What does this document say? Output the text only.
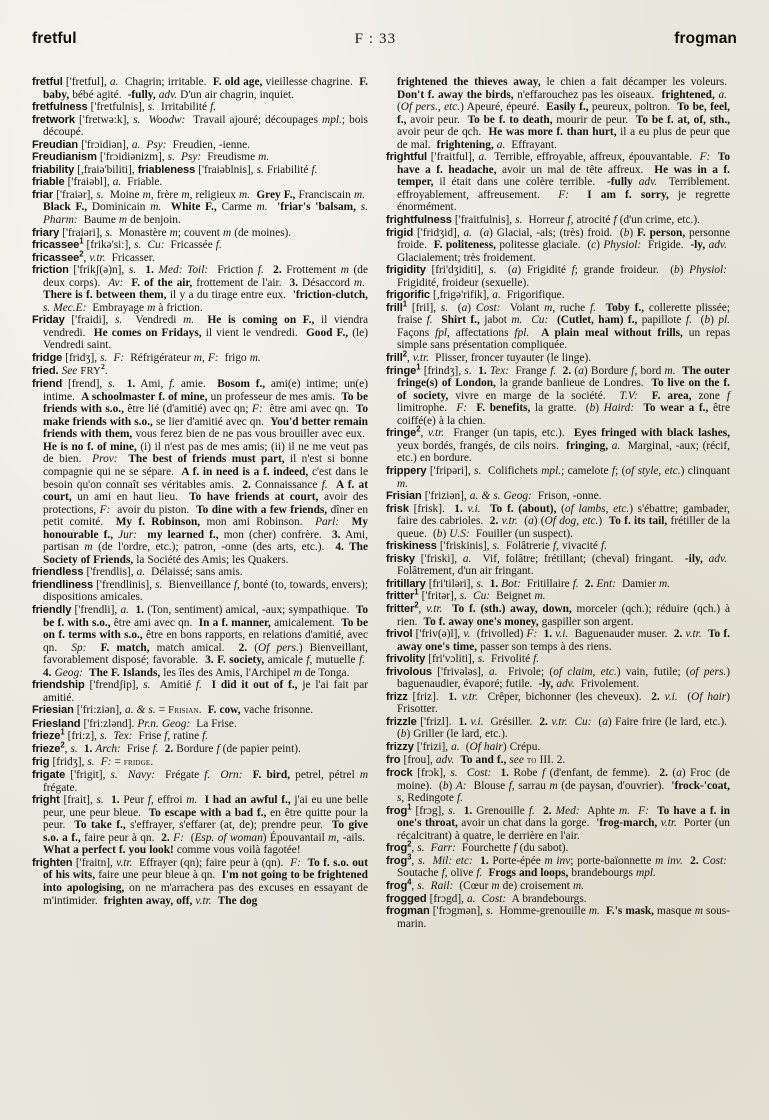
fretful	F : 33	frogman

fretful ['fretful], a.  Chagrin; irritable.  F. old age, vieillesse chagrine.  F. baby, bébé agité.  -fully, adv. D'un air chagrin, inquiet.

fretfulness ['fretfulnis], s.  Irritabilité f.

fretwork ['fretwə:k], s. Woodw:  Travail ajouré; découpages mpl.; bois découpé.

Freudian ['frɔidiən], a. Psy:  Freudien, -ienne.

Freudianism ['frɔidiənizm], s. Psy:  Freudisme m.

friability [,fraiə'biliti], friableness ['fraiəblnis], s. Friabilité f.

friable ['fraiəbl], a.  Friable.

friar ['fraiər], s.  Moine m, frère m, religieux m. Grey F., Franciscain m.  Black F., Dominicain m. White F., Carme m. 'friar's 'balsam, s. Pharm:  Baume m de benjoin.

friary ['fraiəri], s.  Monastère m; couvent m (de moines).

fricassee$^1$ [frikə'si:], s. Cu:  Fricassée f.

fricassee$^2$, v.tr.  Fricasser.

friction ['frikʃ(ə)n], s. 1. Med: Toil:  Friction f. 2. Frottement m (de deux corps).  Av: F. of the air, frottement de l'air.  3. Désaccord m.  There is f. between them, il y a du tirage entre eux.  'friction-clutch, s. Mec.E:  Embrayage m à friction.

Friday ['fraidi], s.  Vendredi m. He is coming on F., il viendra vendredi.  He comes on Fridays, il vient le vendredi.  Good F., (le) Vendredi saint.

fridge [fridʒ], s. F:  Réfrigérateur m, F:  frigo m.

fried. See FRY$^2$.

friend [frend], s. 1. Ami, f. amie.  Bosom f., ami(e) intime; un(e) intime.  A schoolmaster f. of mine, un professeur de mes amis.  To be friends with s.o., être lié (d'amitié) avec qn; F:  être ami avec qn.  To make friends with s.o., se lier d'amitié avec qn.  You'd better remain friends with them, vous ferez bien de ne pas vous brouiller avec eux.  He is no f. of mine, (i) il n'est pas de mes amis; (ii) il ne me veut pas de bien.  Prov: The best of friends must part, il n'est si bonne compagnie qui ne se sépare.  A f. in need is a f. indeed, c'est dans le besoin qu'on connaît ses véritables amis.  2. Connaissance f. A f. at court, un ami en haut lieu.  To have friends at court, avoir des protections, F:  avoir du piston.  To dine with a few friends, dîner en petit comité.  My f. Robinson, mon ami Robinson.  Parl: My honourable f., Jur: my learned f., mon (cher) confrère.  3. Ami, partisan m (de l'ordre, etc.); patron, -onne (des arts, etc.).  4. The Society of Friends, la Société des Amis; les Quakers.

friendless ['frendlis], a.  Délaissé; sans amis.

friendliness ['frendlinis], s.  Bienveillance f, bonté (to, towards, envers); dispositions amicales.

friendly ['frendli], a. 1. (Ton, sentiment) amical, -aux; sympathique.  To be f. with s.o., être ami avec qn.  In a f. manner, amicalement.  To be on f. terms with s.o., être en bons rapports, en relations d'amitié, avec qn.  Sp: F. match, match amical.  2. (Of pers.) Bienveillant, favorablement disposé; favorable.  3. F. society, amicale f, mutuelle f.  4. Geog: The F. Islands, les îles des Amis, l'Archipel m de Tonga.

friendship ['frendʃip], s.  Amitié f. I did it out of f., je l'ai fait par amitié.

Friesian ['fri:ziən], a. & s. = Frisian.  F. cow, vache frisonne.

Friesland ['fri:zlənd]. Pr.n. Geog:  La Frise.

frieze$^1$ [fri:z], s. Tex:  Frise f, ratine f.

frieze$^2$, s. 1. Arch:  Frise f. 2. Bordure f (de papier peint).

frig [fridʒ], s. F: = fridge.

frigate ['frigit], s. Navy:  Frégate f. Orn: F. bird, petrel, pétrel m frégate.

fright [frait], s. 1. Peur f, effroi m. I had an awful f., j'ai eu une belle peur, une peur bleue.  To escape with a bad f., en être quitte pour la peur.  To take f., s'effrayer, s'effarer (at, de); prendre peur.  To give s.o. a f., faire peur à qn.  2. F:  (Esp. of woman) Épouvantail m, -ails.  What a perfect f. you look! comme vous voilà fagotée!

frighten ['fraitn], v.tr.  Effrayer (qn); faire peur à (qn).  F: To f. s.o. out of his wits, faire une peur bleue à qn.  I'm not going to be frightened into apologising, on ne m'arrachera pas des excuses en essayant de m'intimider.  frighten away, off, v.tr. The dog

frightened the thieves away, le chien a fait décamper les voleurs.  Don't f. away the birds, n'effarouchez pas les oiseaux.  frightened, a.  (Of pers., etc.) Apeuré, épeuré.  Easily f., peureux, poltron.  To be, feel, f., avoir peur.  To be f. to death, mourir de peur.  To be f. at, of, sth., avoir peur de qch.  He was more f. than hurt, il a eu plus de peur que de mal.  frightening, a.  Effrayant.

frightful ['fraitful], a.  Terrible, effroyable, affreux, épouvantable.  F: To have a f. headache, avoir un mal de tête affreux.  He was in a f. temper, il était dans une colère terrible.  -fully adv.  Terriblement. effroyablement, affreusement.  F: I am f. sorry, je regrette énormément.

frightfulness ['fraitfulnis], s.  Horreur f, atrocité f (d'un crime, etc.).

frigid ['fridʒid], a.  (a) Glacial, -als; (très) froid.  (b) F. person, personne froide.  F. politeness, politesse glaciale.  (c) Physiol:  Frigide.  -ly, adv.  Glacialement; très froidement.

frigidity [fri'dʒiditi], s.  (a) Frigidité f; grande froideur.  (b) Physiol:  Frigidité, froideur (sexuelle).

frigorific [,frigə'rifik], a.  Frigorifique.

frill$^1$ [fril], s.  (a) Cost:  Volant m, ruche f. Toby f., collerette plissée; fraise f. Shirt f., jabot m. Cu: (Cutlet, ham) f., papillote f.  (b) pl. Façons fpl, affectations fpl. A plain meal without frills, un repas simple sans présentation compliquée.

frill$^2$, v.tr.  Plisser, froncer tuyauter (le linge).

fringe$^1$ [frindʒ], s. 1. Tex:  Frange f. 2. (a) Bordure f, bord m. The outer fringe(s) of London, la grande banlieue de Londres.  To live on the f. of society, vivre en marge de la société.  T.V: F. area, zone f limitrophe.  F: F. benefits, la gratte.  (b) Haird: To wear a f., être coiffé(e) à la chien.

fringe$^2$, v.tr.  Franger (un tapis, etc.).  Eyes fringed with black lashes, yeux bordés, frangés, de cils noirs.  fringing, a.  Marginal, -aux; (récif, etc.) en bordure.

frippery ['fripəri], s.  Colifichets mpl.; camelote f; (of style, etc.) clinquant m.

Frisian ['friziən], a. & s. Geog:  Frison, -onne.

frisk [frisk].  1. v.i. To f. (about), (of lambs, etc.) s'ébattre; gambader, faire des cabrioles.  2. v.tr.  (a) (Of dog, etc.)  To f. its tail, frétiller de la queue.  (b) U.S:  Fouiller (un suspect).

friskiness ['friskinis], s.  Folâtrerie f, vivacité f.

frisky ['friski], a.  Vif, folâtre; frétillant; (cheval) fringant.  -ily, adv.  Folâtrement, d'un air fringant.

fritillary [fri'tiləri], s. 1. Bot:  Fritillaire f. 2. Ent:  Damier m.

fritter$^1$ ['fritər], s. Cu:  Beignet m.

fritter$^2$, v.tr. To f. (sth.) away, down, morceler (qch.); réduire (qch.) à rien.  To f. away one's money, gaspiller son argent.

frivol ['friv(ə)l], v.  (frivolled) F: 1. v.i.  Baguenauder muser.  2. v.tr. To f. away one's time, passer son temps à des riens.

frivolity [fri'vɔliti], s.  Frivolité f.

frivolous ['frivələs], a.  Frivole; (of claim, etc.) vain, futile; (of pers.) baguenaudier, évaporé; futile.  -ly, adv.  Frivolement.

frizz [friz].  1. v.tr.  Crêper, bichonner (les cheveux).  2. v.i.  (Of hair) Frisotter.

frizzle ['frizl].  1. v.i.  Grésiller.  2. v.tr. Cu:  (a) Faire frire (le lard, etc.).  (b) Griller (le lard, etc.).

frizzy ['frizi], a.  (Of hair) Crépu.

fro [frou], adv. To and f., see to III. 2.

frock [frɔk], s. Cost: 1. Robe f (d'enfant, de femme).  2. (a) Froc (de moine).  (b) A:  Blouse f, sarrau m (de paysan, d'ouvrier).  'frock-'coat, s, Redingote f.

frog$^1$ [frɔg], s. 1. Grenouille f. 2. Med:  Aphte m. F: To have a f. in one's throat, avoir un chat dans la gorge.  'frog-march, v.tr.  Porter (un récalcitrant) à quatre, le derrière en l'air.

frog$^2$, s. Farr:  Fourchette f (du sabot).

frog$^3$, s. Mil: etc: 1. Porte-épée m inv; porte-baïonnette m inv. 2. Cost:  Soutache f, olive f. Frogs and loops, brandebourgs mpl.

frog$^4$, s. Rail:  (Cœur m de) croisement m.

frogged [frɔgd], a. Cost:  A brandebourgs.

frogman ['frɔgmən], s.  Homme-grenouille m. F.'s mask, masque m sous-marin.
